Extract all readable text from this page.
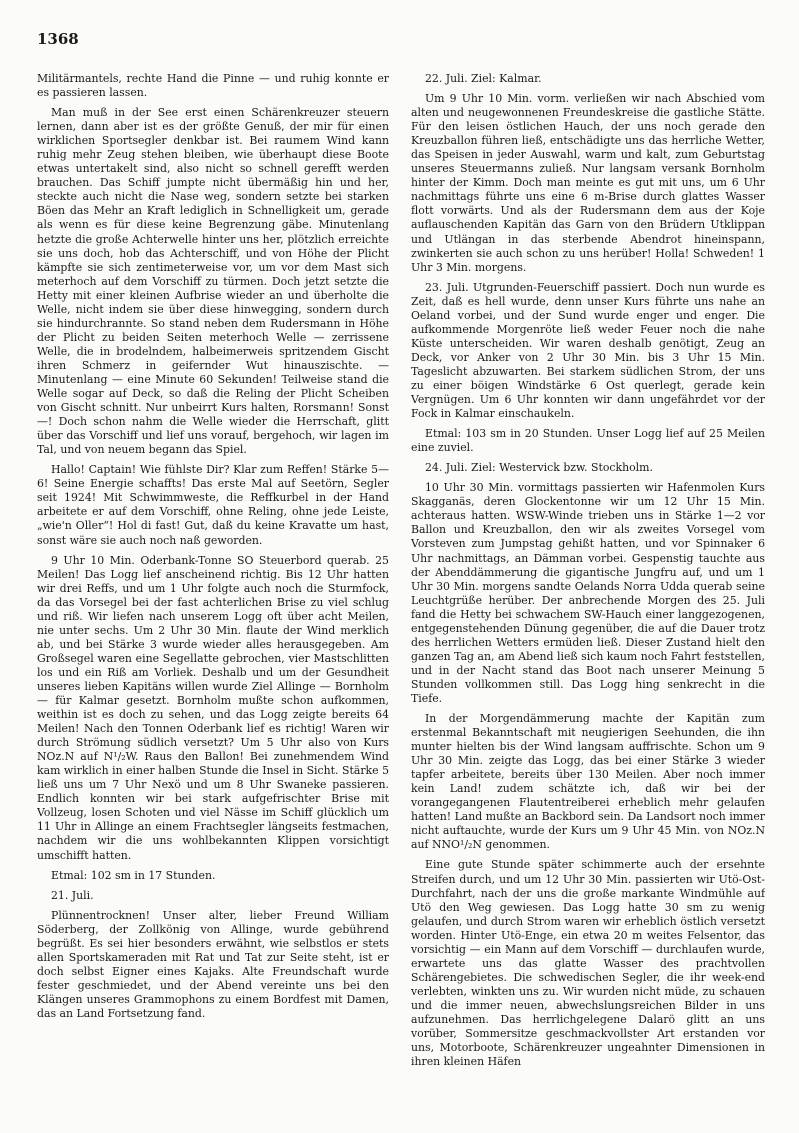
1368

Militärmantels, rechte Hand die Pinne — und ruhig konnte er es passieren lassen.

Man muß in der See erst einen Schärenkreuzer steuern lernen, dann aber ist es der größte Genuß, der mir für einen wirklichen Sportsegler denkbar ist. Bei raumem Wind kann ruhig mehr Zeug stehen bleiben, wie überhaupt diese Boote etwas untertakelt sind, also nicht so schnell gerefft werden brauchen. Das Schiff jumpte nicht übermäßig hin und her, steckte auch nicht die Nase weg, sondern setzte bei starken Böen das Mehr an Kraft lediglich in Schnelligkeit um, gerade als wenn es für diese keine Begrenzung gäbe. Minutenlang hetzte die große Achterwelle hinter uns her, plötzlich erreichte sie uns doch, hob das Achterschiff, und von Höhe der Plicht kämpfte sie sich zentimeterweise vor, um vor dem Mast sich meterhoch auf dem Vorschiff zu türmen. Doch jetzt setzte die Hetty mit einer kleinen Aufbrise wieder an und überholte die Welle, nicht indem sie über diese hinwegging, sondern durch sie hindurchrannte. So stand neben dem Rudersmann in Höhe der Plicht zu beiden Seiten meterhoch Welle — zerrissene Welle, die in brodelndem, halbeimerweis spritzendem Gischt ihren Schmerz in geifernder Wut hinauszischte. — Minutenlang — eine Minute 60 Sekunden! Teilweise stand die Welle sogar auf Deck, so daß die Reling der Plicht Scheiben von Gischt schnitt. Nur unbeirrt Kurs halten, Rorsmann! Sonst —! Doch schon nahm die Welle wieder die Herrschaft, glitt über das Vorschiff und lief uns vorauf, bergehoch, wir lagen im Tal, und von neuem begann das Spiel.

Hallo! Captain! Wie fühlste Dir? Klar zum Reffen! Stärke 5—6! Seine Energie schaffts! Das erste Mal auf Seetörn, Segler seit 1924! Mit Schwimmweste, die Reffkurbel in der Hand arbeitete er auf dem Vorschiff, ohne Reling, ohne jede Leiste, „wie'n Oller“! Hol di fast! Gut, daß du keine Kravatte um hast, sonst wäre sie auch noch naß geworden.

9 Uhr 10 Min. Oderbank-Tonne SO Steuerbord querab. 25 Meilen! Das Logg lief anscheinend richtig. Bis 12 Uhr hatten wir drei Reffs, und um 1 Uhr folgte auch noch die Sturmfock, da das Vorsegel bei der fast achterlichen Brise zu viel schlug und riß. Wir liefen nach unserem Logg oft über acht Meilen, nie unter sechs. Um 2 Uhr 30 Min. flaute der Wind merklich ab, und bei Stärke 3 wurde wieder alles herausgegeben. Am Großsegel waren eine Segellatte gebrochen, vier Mastschlitten los und ein Riß am Vorliek. Deshalb und um der Gesundheit unseres lieben Kapitäns willen wurde Ziel Allinge — Bornholm — für Kalmar gesetzt. Bornholm mußte schon aufkommen, weithin ist es doch zu sehen, und das Logg zeigte bereits 64 Meilen! Nach den Tonnen Oderbank lief es richtig! Waren wir durch Strömung südlich versetzt? Um 5 Uhr also von Kurs NOz.N auf N¹/₂W. Raus den Ballon! Bei zunehmendem Wind kam wirklich in einer halben Stunde die Insel in Sicht. Stärke 5 ließ uns um 7 Uhr Nexö und um 8 Uhr Swaneke passieren. Endlich konnten wir bei stark aufgefrischter Brise mit Vollzeug, losen Schoten und viel Nässe im Schiff glücklich um 11 Uhr in Allinge an einem Frachtsegler längseits festmachen, nachdem wir die uns wohlbekannten Klippen vorsichtigt umschifft hatten.

Etmal: 102 sm in 17 Stunden.

21. Juli.

Plünnentrocknen! Unser alter, lieber Freund William Söderberg, der Zollkönig von Allinge, wurde gebührend begrüßt. Es sei hier besonders erwähnt, wie selbstlos er stets allen Sportskameraden mit Rat und Tat zur Seite steht, ist er doch selbst Eigner eines Kajaks. Alte Freundschaft wurde fester geschmiedet, und der Abend vereinte uns bei den Klängen unseres Grammophons zu einem Bordfest mit Damen, das an Land Fortsetzung fand.

22. Juli. Ziel: Kalmar.

Um 9 Uhr 10 Min. vorm. verließen wir nach Abschied vom alten und neugewonnenen Freundeskreise die gastliche Stätte. Für den leisen östlichen Hauch, der uns noch gerade den Kreuzballon führen ließ, entschädigte uns das herrliche Wetter, das Speisen in jeder Auswahl, warm und kalt, zum Geburtstag unseres Steuermanns zuließ. Nur langsam versank Bornholm hinter der Kimm. Doch man meinte es gut mit uns, um 6 Uhr nachmittags führte uns eine 6 m-Brise durch glattes Wasser flott vorwärts. Und als der Rudersmann dem aus der Koje auflauschenden Kapitän das Garn von den Brüdern Utklippan und Utlängan in das sterbende Abendrot hineinspann, zwinkerten sie auch schon zu uns herüber! Holla! Schweden! 1 Uhr 3 Min. morgens.

23. Juli. Utgrunden-Feuerschiff passiert. Doch nun wurde es Zeit, daß es hell wurde, denn unser Kurs führte uns nahe an Oeland vorbei, und der Sund wurde enger und enger. Die aufkommende Morgenröte ließ weder Feuer noch die nahe Küste unterscheiden. Wir waren deshalb genötigt, Zeug an Deck, vor Anker von 2 Uhr 30 Min. bis 3 Uhr 15 Min. Tageslicht abzuwarten. Bei starkem südlichen Strom, der uns zu einer böigen Windstärke 6 Ost querlegt, gerade kein Vergnügen. Um 6 Uhr konnten wir dann ungefährdet vor der Fock in Kalmar einschaukeln.

Etmal: 103 sm in 20 Stunden. Unser Logg lief auf 25 Meilen eine zuviel.

24. Juli. Ziel: Westervick bzw. Stockholm.

10 Uhr 30 Min. vormittags passierten wir Hafenmolen Kurs Skagganäs, deren Glockentonne wir um 12 Uhr 15 Min. achteraus hatten. WSW-Winde trieben uns in Stärke 1—2 vor Ballon und Kreuzballon, den wir als zweites Vorsegel vom Vorsteven zum Jumpstag gehißt hatten, und vor Spinnaker 6 Uhr nachmittags, an Dämman vorbei. Gespenstig tauchte aus der Abenddämmerung die gigantische Jungfru auf, und um 1 Uhr 30 Min. morgens sandte Oelands Norra Udda querab seine Leuchtgrüße herüber. Der anbrechende Morgen des 25. Juli fand die Hetty bei schwachem SW-Hauch einer langgezogenen, entgegenstehenden Dünung gegenüber, die auf die Dauer trotz des herrlichen Wetters ermüden ließ. Dieser Zustand hielt den ganzen Tag an, am Abend ließ sich kaum noch Fahrt feststellen, und in der Nacht stand das Boot nach unserer Meinung 5 Stunden vollkommen still. Das Logg hing senkrecht in die Tiefe.

In der Morgendämmerung machte der Kapitän zum erstenmal Bekanntschaft mit neugierigen Seehunden, die ihn munter hielten bis der Wind langsam auffrischte. Schon um 9 Uhr 30 Min. zeigte das Logg, das bei einer Stärke 3 wieder tapfer arbeitete, bereits über 130 Meilen. Aber noch immer kein Land! zudem schätzte ich, daß wir bei der vorangegangenen Flautentreiberei erheblich mehr gelaufen hatten! Land mußte an Backbord sein. Da Landsort noch immer nicht auftauchte, wurde der Kurs um 9 Uhr 45 Min. von NOz.N auf NNO¹/₂N genommen.

Eine gute Stunde später schimmerte auch der ersehnte Streifen durch, und um 12 Uhr 30 Min. passierten wir Utö-Ost-Durchfahrt, nach der uns die große markante Windmühle auf Utö den Weg gewiesen. Das Logg hatte 30 sm zu wenig gelaufen, und durch Strom waren wir erheblich östlich versetzt worden. Hinter Utö-Enge, ein etwa 20 m weites Felsentor, das vorsichtig — ein Mann auf dem Vorschiff — durchlaufen wurde, erwartete uns das glatte Wasser des prachtvollen Schärengebietes. Die schwedischen Segler, die ihr week-end verlebten, winkten uns zu. Wir wurden nicht müde, zu schauen und die immer neuen, abwechslungsreichen Bilder in uns aufzunehmen. Das herrlichgelegene Dalarö glitt an uns vorüber, Sommersitze geschmackvollster Art erstanden vor uns, Motorboote, Schärenkreuzer ungeahnter Dimensionen in ihren kleinen Häfen
